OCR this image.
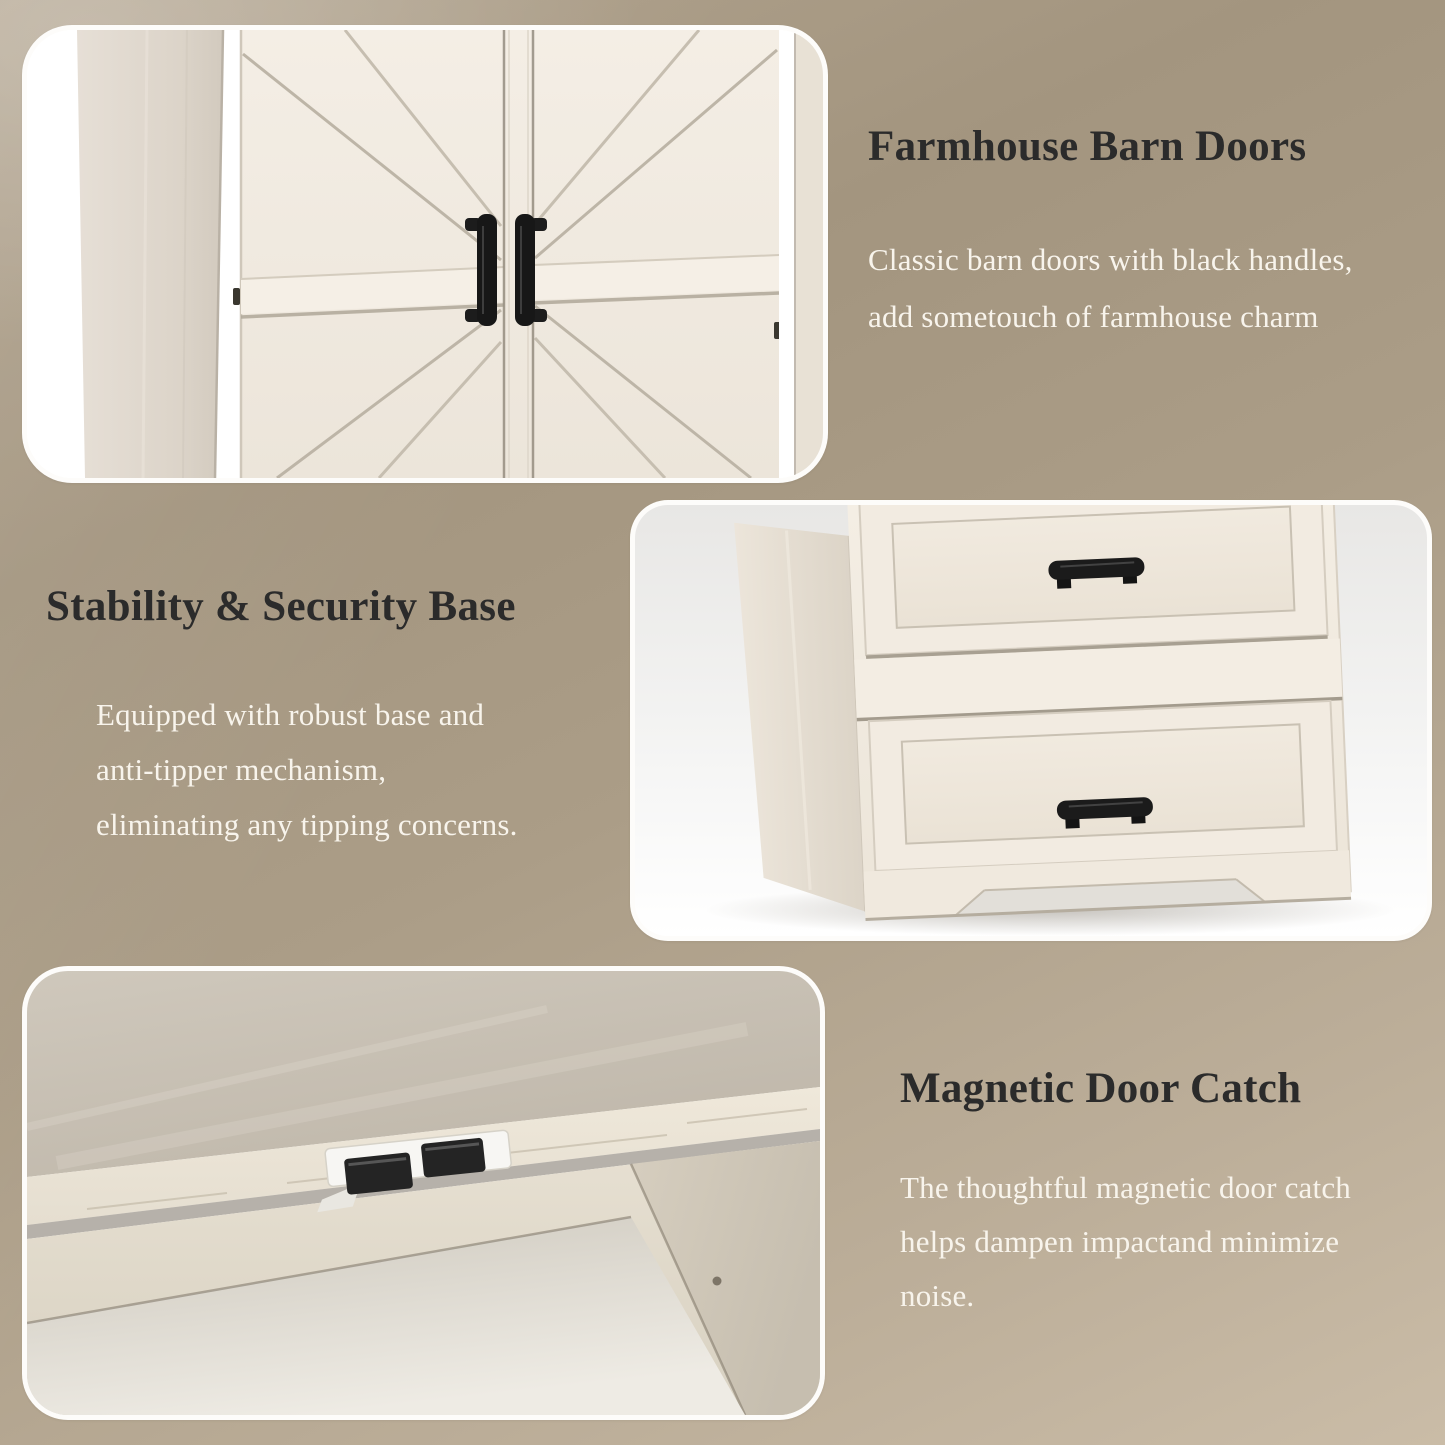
Farmhouse Barn Doors
Classic barn doors with black handles,
add sometouch of farmhouse charm
Stability & Security Base
Equipped with robust base and
anti-tipper mechanism,
eliminating any tipping concerns.
Magnetic Door Catch
The thoughtful magnetic door catch
helps dampen impactand minimize
noise.
